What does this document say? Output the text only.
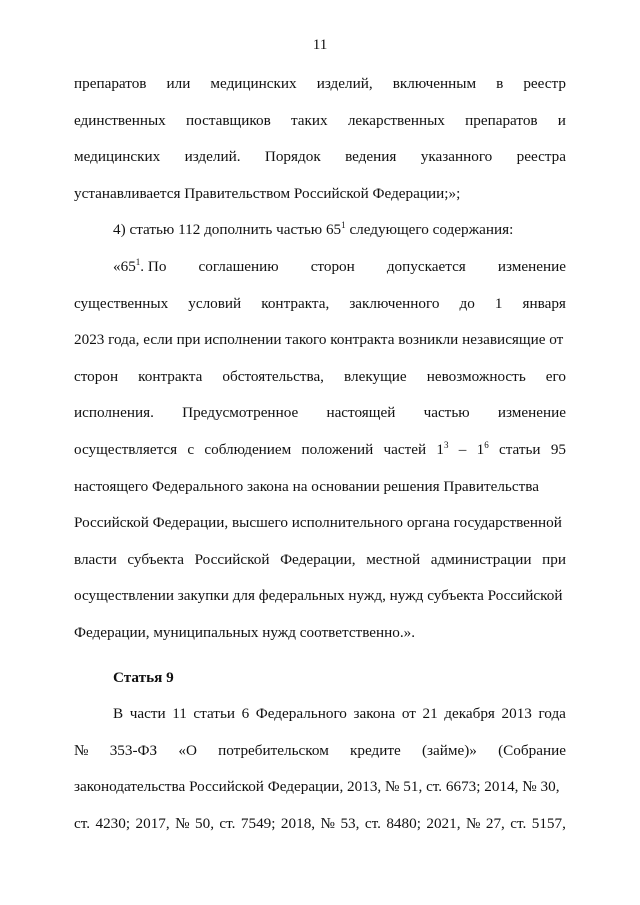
11
препаратов или медицинских изделий, включенным в реестр
единственных поставщиков таких лекарственных препаратов и
медицинских изделий. Порядок ведения указанного реестра
устанавливается Правительством Российской Федерации;»;
4) статью 112 дополнить частью $65^1$ следующего содержания:
«$65^1$. По соглашению сторон допускается изменение
существенных условий контракта, заключенного до 1 января
2023 года, если при исполнении такого контракта возникли независящие от
сторон контракта обстоятельства, влекущие невозможность его
исполнения. Предусмотренное настоящей частью изменение
осуществляется с соблюдением положений частей $1^3 - 1^6$ статьи 95
настоящего Федерального закона на основании решения Правительства
Российской Федерации, высшего исполнительного органа государственной
власти субъекта Российской Федерации, местной администрации при
осуществлении закупки для федеральных нужд, нужд субъекта Российской
Федерации, муниципальных нужд соответственно.».
Статья 9
В части 11 статьи 6 Федерального закона от 21 декабря 2013 года
№ 353-ФЗ «О потребительском кредите (займе)» (Собрание
законодательства Российской Федерации, 2013, № 51, ст. 6673; 2014, № 30,
ст. 4230; 2017, № 50, ст. 7549; 2018, № 53, ст. 8480; 2021, № 27, ст. 5157,
